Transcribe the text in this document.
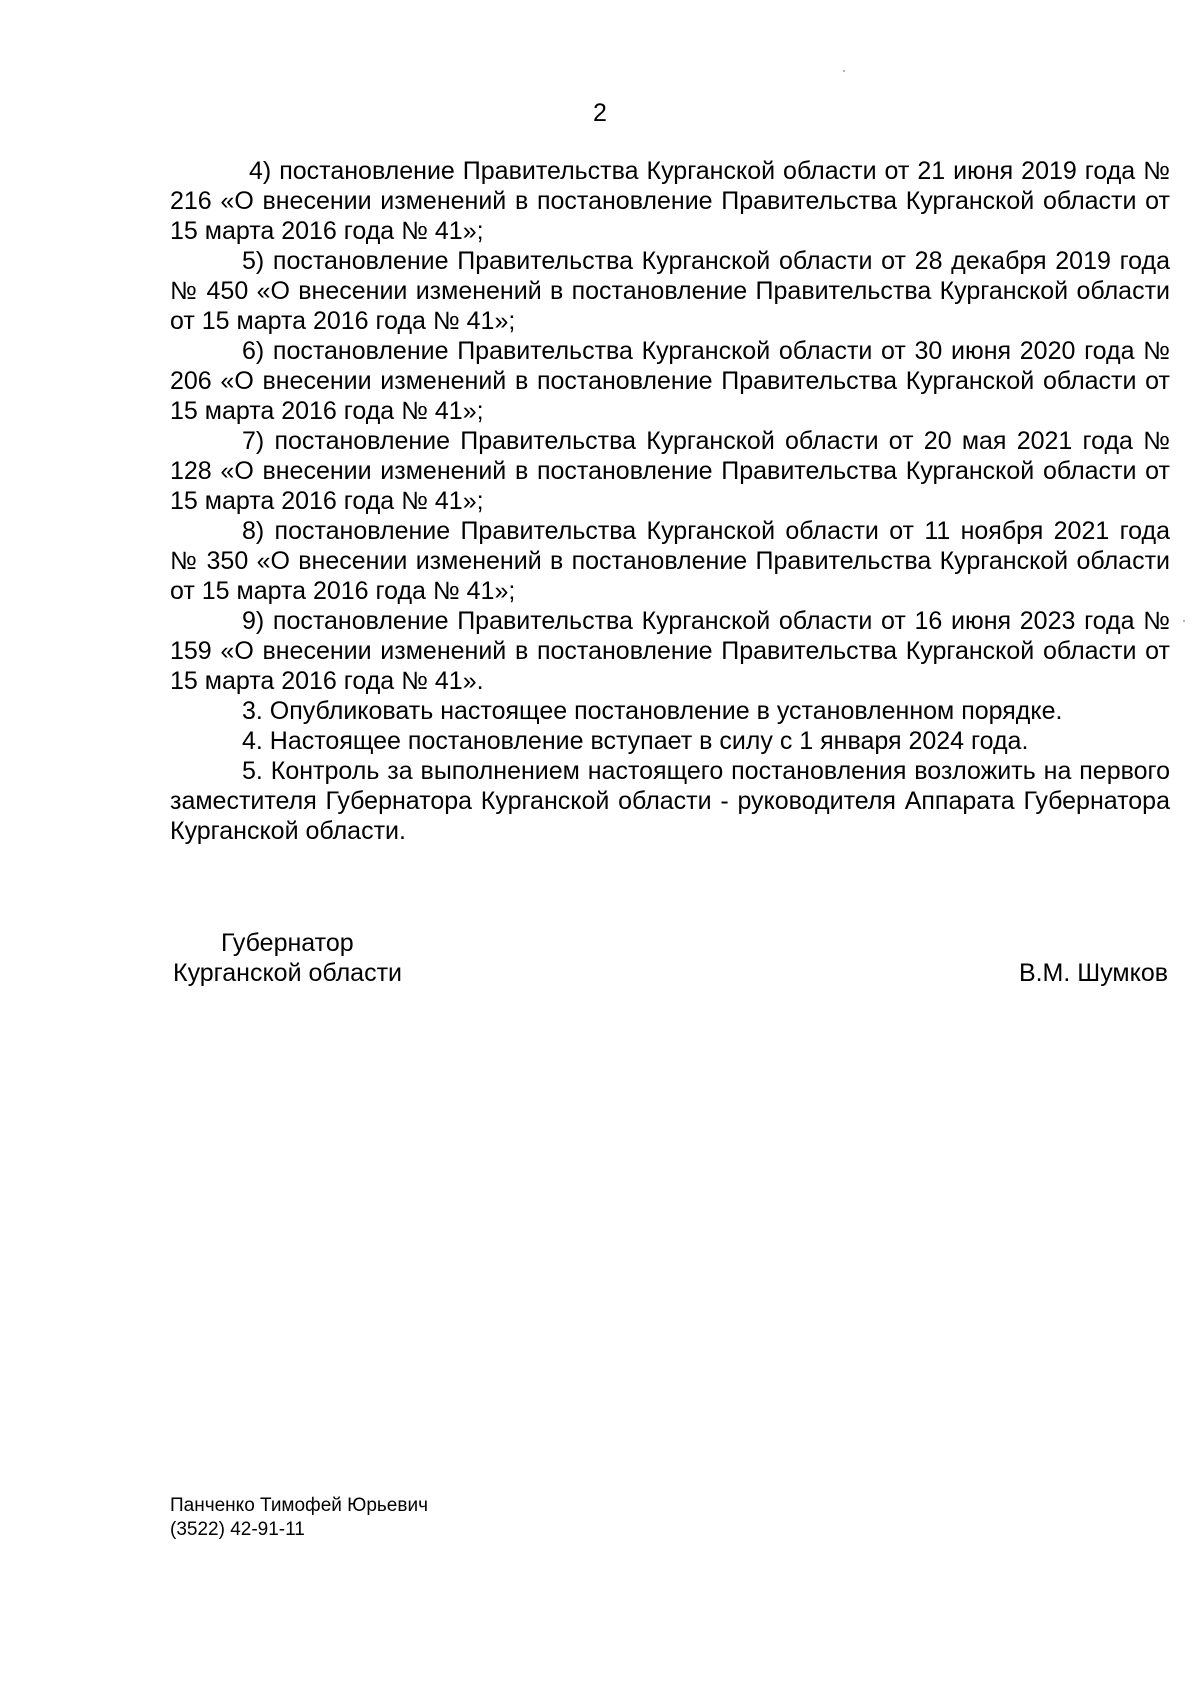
2

4) постановление Правительства Курганской области от 21 июня 2019 года № 216 «О внесении изменений в постановление Правительства Курганской области от 15 марта 2016 года № 41»;

5) постановление Правительства Курганской области от 28 декабря 2019 года № 450 «О внесении изменений в постановление Правительства Курганской области от 15 марта 2016 года № 41»;

6) постановление Правительства Курганской области от 30 июня 2020 года № 206 «О внесении изменений в постановление Правительства Курганской области от 15 марта 2016 года № 41»;

7) постановление Правительства Курганской области от 20 мая 2021 года № 128 «О внесении изменений в постановление Правительства Курганской области от 15 марта 2016 года № 41»;

8) постановление Правительства Курганской области от 11 ноября 2021 года № 350 «О внесении изменений в постановление Правительства Курганской области от 15 марта 2016 года № 41»;

9) постановление Правительства Курганской области от 16 июня 2023 года № 159 «О внесении изменений в постановление Правительства Курганской области от 15 марта 2016 года № 41».

3. Опубликовать настоящее постановление в установленном порядке.

4. Настоящее постановление вступает в силу с 1 января 2024 года.

5. Контроль за выполнением настоящего постановления возложить на первого заместителя Губернатора Курганской области - руководителя Аппарата Губернатора Курганской области.

Губернатор
Курганской области	В.М. Шумков
Панченко Тимофей Юрьевич
(3522) 42-91-11
